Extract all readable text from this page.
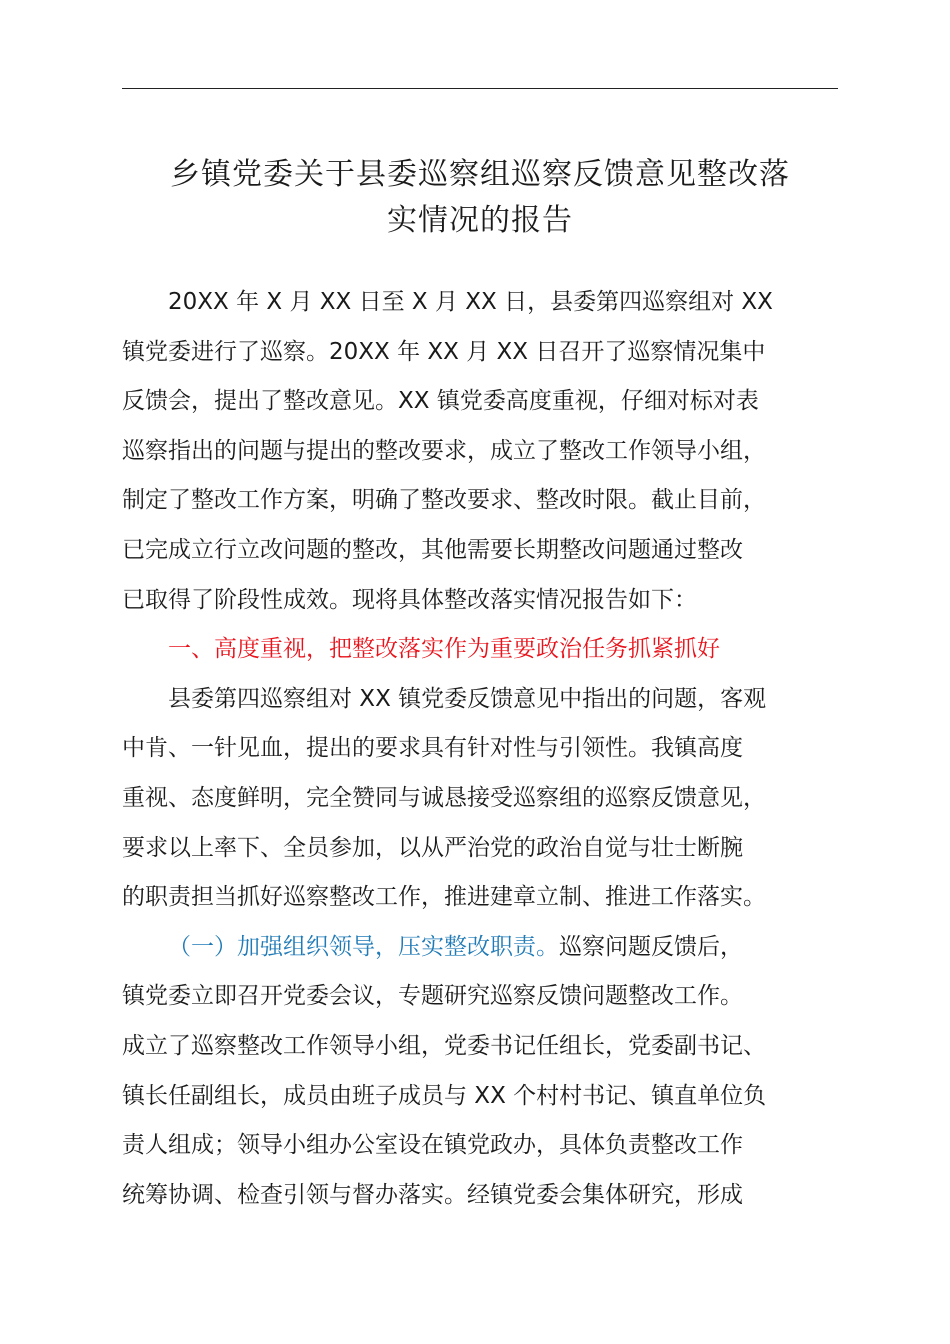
乡镇党委关于县委巡察组巡察反馈意见整改落
实情况的报告
20XX 年 X 月 XX 日至 X 月 XX 日，县委第四巡察组对 XX
镇党委进行了巡察。20XX 年 XX 月 XX 日召开了巡察情况集中
反馈会，提出了整改意见。XX 镇党委高度重视，仔细对标对表
巡察指出的问题与提出的整改要求，成立了整改工作领导小组，
制定了整改工作方案，明确了整改要求、整改时限。截止目前，
已完成立行立改问题的整改，其他需要长期整改问题通过整改
已取得了阶段性成效。现将具体整改落实情况报告如下：
一、高度重视，把整改落实作为重要政治任务抓紧抓好
县委第四巡察组对 XX 镇党委反馈意见中指出的问题，客观
中肯、一针见血，提出的要求具有针对性与引领性。我镇高度
重视、态度鲜明，完全赞同与诚恳接受巡察组的巡察反馈意见，
要求以上率下、全员参加，以从严治党的政治自觉与壮士断腕
的职责担当抓好巡察整改工作，推进建章立制、推进工作落实。
（一）加强组织领导，压实整改职责。巡察问题反馈后，
镇党委立即召开党委会议，专题研究巡察反馈问题整改工作。
成立了巡察整改工作领导小组，党委书记任组长，党委副书记、
镇长任副组长，成员由班子成员与 XX 个村村书记、镇直单位负
责人组成；领导小组办公室设在镇党政办，具体负责整改工作
统筹协调、检查引领与督办落实。经镇党委会集体研究，形成
